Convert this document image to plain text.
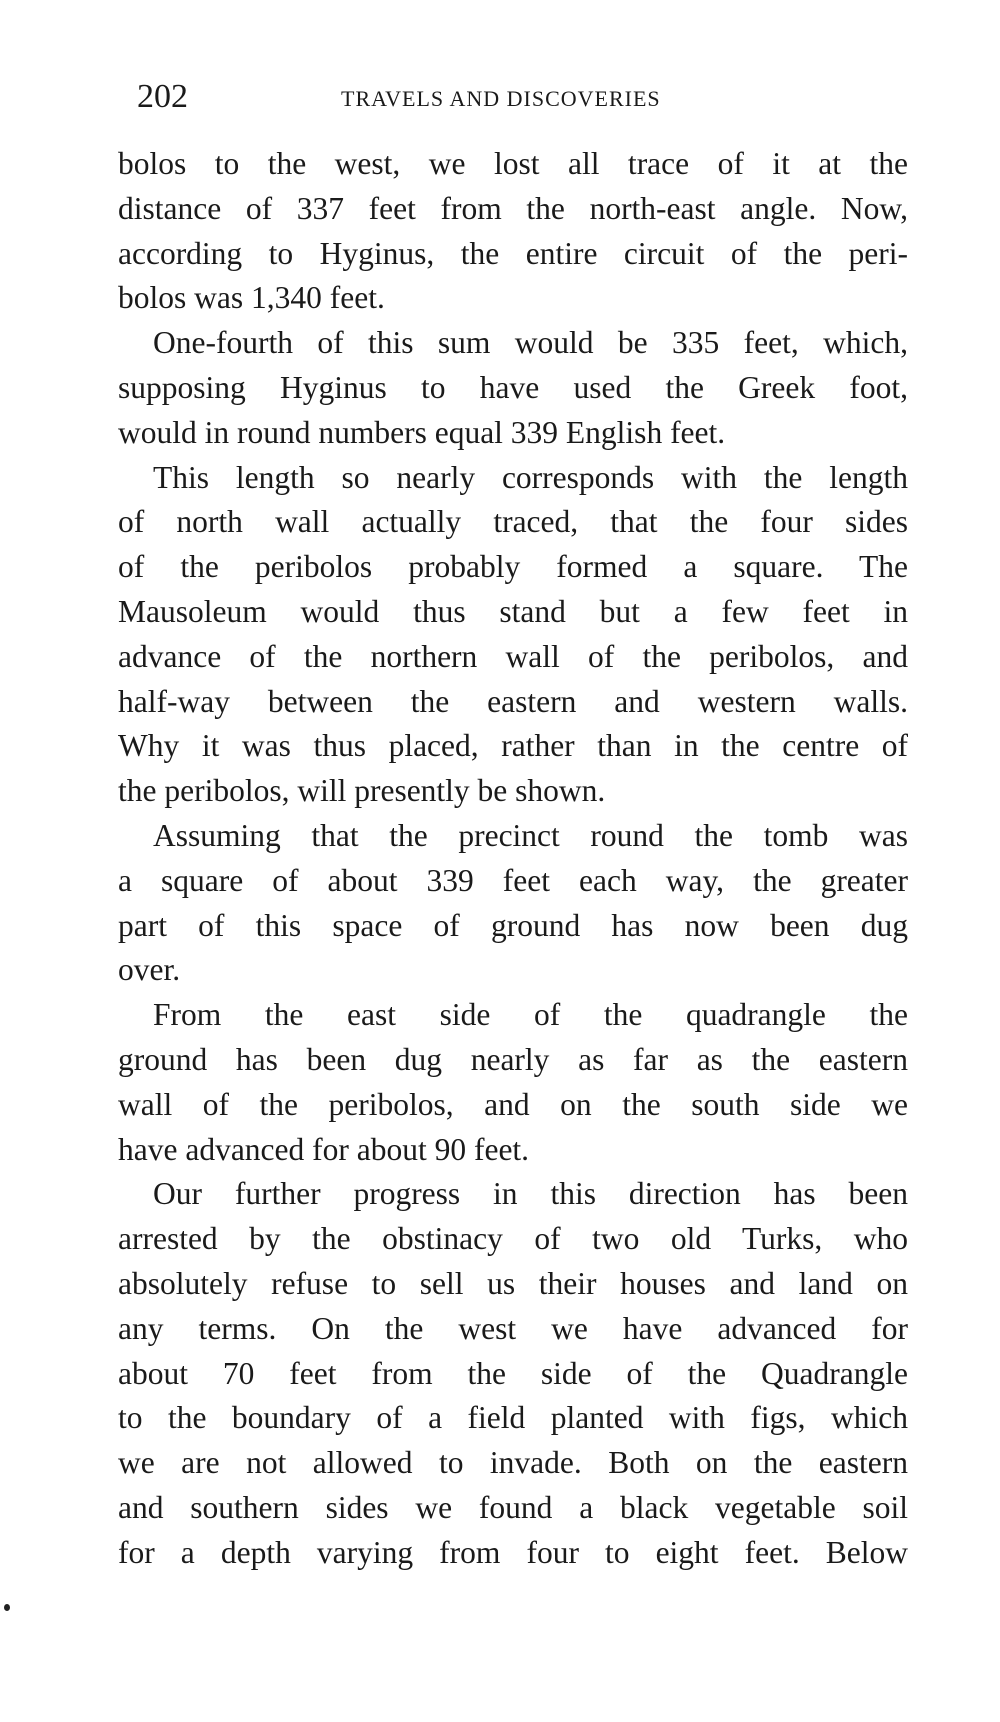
202	TRAVELS AND DISCOVERIES
bolos to the west, we lost all trace of it at the
distance of 337 feet from the north-east angle. Now,
according to Hyginus, the entire circuit of the peri-
bolos was 1,340 feet.
One-fourth of this sum would be 335 feet, which,
supposing Hyginus to have used the Greek foot,
would in round numbers equal 339 English feet.
This length so nearly corresponds with the length
of north wall actually traced, that the four sides
of the peribolos probably formed a square. The
Mausoleum would thus stand but a few feet in
advance of the northern wall of the peribolos, and
half-way between the eastern and western walls.
Why it was thus placed, rather than in the centre of
the peribolos, will presently be shown.
Assuming that the precinct round the tomb was
a square of about 339 feet each way, the greater
part of this space of ground has now been dug
over.
From the east side of the quadrangle the
ground has been dug nearly as far as the eastern
wall of the peribolos, and on the south side we
have advanced for about 90 feet.
Our further progress in this direction has been
arrested by the obstinacy of two old Turks, who
absolutely refuse to sell us their houses and land on
any terms. On the west we have advanced for
about 70 feet from the side of the Quadrangle
to the boundary of a field planted with figs, which
we are not allowed to invade. Both on the eastern
and southern sides we found a black vegetable soil
for a depth varying from four to eight feet. Below
